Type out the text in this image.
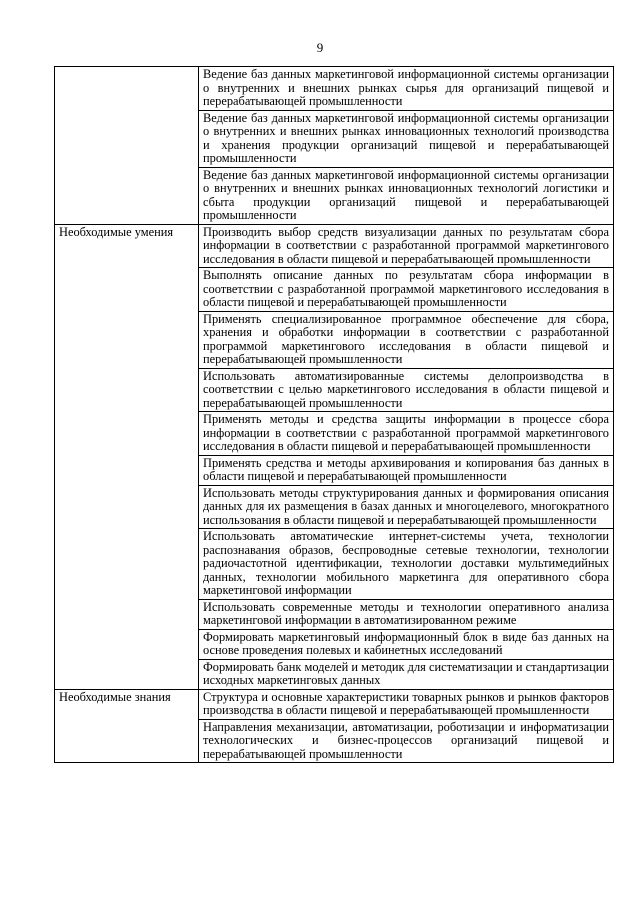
9
	Ведение баз данных маркетинговой информационной системы организации о внутренних и внешних рынках сырья для организаций пищевой и перерабатывающей промышленности
	Ведение баз данных маркетинговой информационной системы организации о внутренних и внешних рынках инновационных технологий производства и хранения продукции организаций пищевой и перерабатывающей промышленности
	Ведение баз данных маркетинговой информационной системы организации о внутренних и внешних рынках инновационных технологий логистики и сбыта продукции организаций пищевой и перерабатывающей промышленности
Необходимые умения	Производить выбор средств визуализации данных по результатам сбора информации в соответствии с разработанной программой маркетингового исследования в области пищевой и перерабатывающей промышленности
	Выполнять описание данных по результатам сбора информации в соответствии с разработанной программой маркетингового исследования в области пищевой и перерабатывающей промышленности
	Применять специализированное программное обеспечение для сбора, хранения и обработки информации в соответствии с разработанной программой маркетингового исследования в области пищевой и перерабатывающей промышленности
	Использовать автоматизированные системы делопроизводства в соответствии с целью маркетингового исследования в области пищевой и перерабатывающей промышленности
	Применять методы и средства защиты информации в процессе сбора информации в соответствии с разработанной программой маркетингового исследования в области пищевой и перерабатывающей промышленности
	Применять средства и методы архивирования и копирования баз данных в области пищевой и перерабатывающей промышленности
	Использовать методы структурирования данных и формирования описания данных для их размещения в базах данных и многоцелевого, многократного использования в области пищевой и перерабатывающей промышленности
	Использовать автоматические интернет-системы учета, технологии распознавания образов, беспроводные сетевые технологии, технологии радиочастотной идентификации, технологии доставки мультимедийных данных, технологии мобильного маркетинга для оперативного сбора маркетинговой информации
	Использовать современные методы и технологии оперативного анализа маркетинговой информации в автоматизированном режиме
	Формировать маркетинговый информационный блок в виде баз данных на основе проведения полевых и кабинетных исследований
	Формировать банк моделей и методик для систематизации и стандартизации исходных маркетинговых данных
Необходимые знания	Структура и основные характеристики товарных рынков и рынков факторов производства в области пищевой и перерабатывающей промышленности
	Направления механизации, автоматизации, роботизации и информатизации технологических и бизнес-процессов организаций пищевой и перерабатывающей промышленности
